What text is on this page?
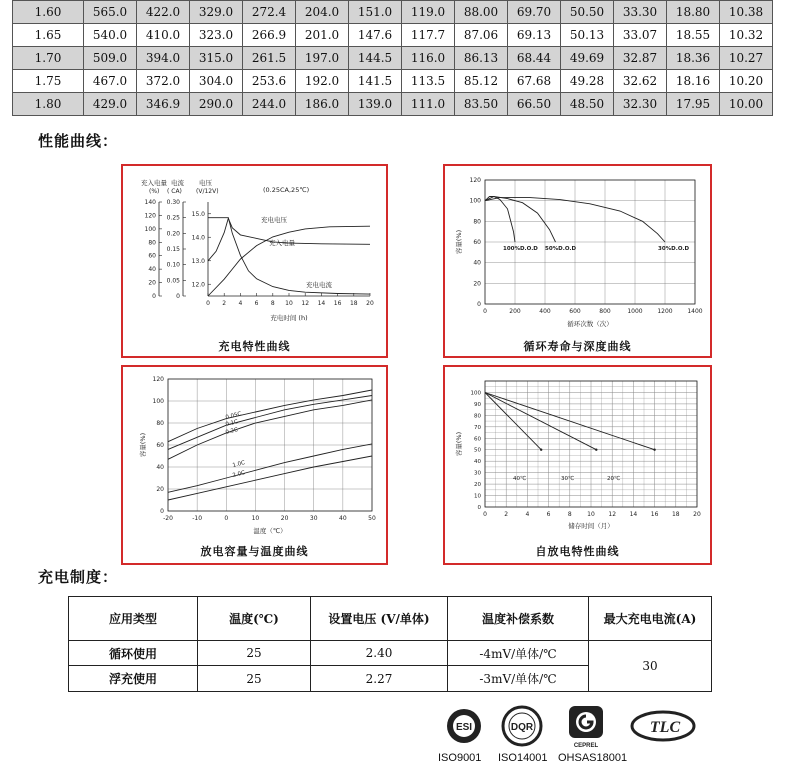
1.60	565.0	422.0	329.0	272.4	204.0	151.0	119.0	88.00	69.70	50.50	33.30	18.80	10.38
1.65	540.0	410.0	323.0	266.9	201.0	147.6	117.7	87.06	69.13	50.13	33.07	18.55	10.32
1.70	509.0	394.0	315.0	261.5	197.0	144.5	116.0	86.13	68.44	49.69	32.87	18.36	10.27
1.75	467.0	372.0	304.0	253.6	192.0	141.5	113.5	85.12	67.68	49.28	32.62	18.16	10.20
1.80	429.0	346.9	290.0	244.0	186.0	139.0	111.0	83.50	66.50	48.50	32.30	17.95	10.00
性能曲线：
充入电量 电流 电压
(%) ( CA) (V/12V)	(0.25CA,25℃)
0
20
40
60
80
100
120
140
0
0.05
0.10
0.15
0.20
0.25
0.30
12.0
13.0
14.0
15.0
0 2 4 6 8 10 12 14 16 18 20
充电时间 (h)
充电电压
充入电量
充电电流
充电特性曲线
0
20
40
60
80
100
120
0	200	400	600	800	1000 1200 1400
循环次数（次）
容量(%)	100%D.O.D 50%D.O.D	30%D.O.D
循环寿命与深度曲线
0
20
40
60
80
100
120
-20	-10	0	10	20	30	40	50
温度（℃）
容量(%)
0.05C
0.1C
0.2C
1.0C
2.0C
放电容量与温度曲线
0
10
20
30
40
50
60
70
80
90
100
0	2	4	6	8	10 12 14 16 18 20
储存时间（月）
容量(%)
40℃	30℃	20℃
自放电特性曲线
充电制度：
应用类型	温度(℃)	设置电压 (V/单体)	温度补偿系数	最大充电电流(A)
循环使用	25	2.40	-4mV/单体/℃	30
浮充使用	25	2.27	-3mV/单体/℃	
ESI	DQR
CEPREL
TLC
ISO9001 ISO14001 OHSAS18001
